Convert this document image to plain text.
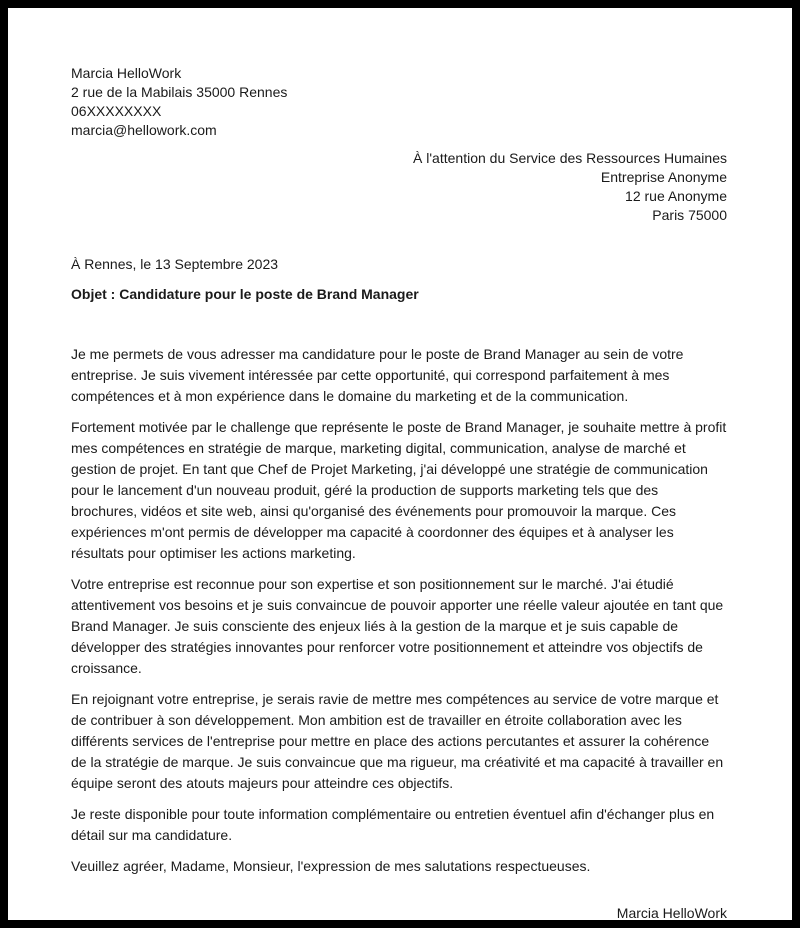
Marcia HelloWork
2 rue de la Mabilais 35000 Rennes
06XXXXXXXX
marcia@hellowork.com
À l'attention du Service des Ressources Humaines
Entreprise Anonyme
12 rue Anonyme
Paris 75000
À Rennes, le 13 Septembre 2023
Objet : Candidature pour le poste de Brand Manager

Je me permets de vous adresser ma candidature pour le poste de Brand Manager au sein de votre entreprise. Je suis vivement intéressée par cette opportunité, qui correspond parfaitement à mes compétences et à mon expérience dans le domaine du marketing et de la communication.

Fortement motivée par le challenge que représente le poste de Brand Manager, je souhaite mettre à profit mes compétences en stratégie de marque, marketing digital, communication, analyse de marché et gestion de projet. En tant que Chef de Projet Marketing, j'ai développé une stratégie de communication pour le lancement d'un nouveau produit, géré la production de supports marketing tels que des brochures, vidéos et site web, ainsi qu'organisé des événements pour promouvoir la marque. Ces expériences m'ont permis de développer ma capacité à coordonner des équipes et à analyser les résultats pour optimiser les actions marketing.

Votre entreprise est reconnue pour son expertise et son positionnement sur le marché. J'ai étudié attentivement vos besoins et je suis convaincue de pouvoir apporter une réelle valeur ajoutée en tant que Brand Manager. Je suis consciente des enjeux liés à la gestion de la marque et je suis capable de développer des stratégies innovantes pour renforcer votre positionnement et atteindre vos objectifs de croissance.

En rejoignant votre entreprise, je serais ravie de mettre mes compétences au service de votre marque et de contribuer à son développement. Mon ambition est de travailler en étroite collaboration avec les différents services de l'entreprise pour mettre en place des actions percutantes et assurer la cohérence de la stratégie de marque. Je suis convaincue que ma rigueur, ma créativité et ma capacité à travailler en équipe seront des atouts majeurs pour atteindre ces objectifs.

Je reste disponible pour toute information complémentaire ou entretien éventuel afin d'échanger plus en détail sur ma candidature.

Veuillez agréer, Madame, Monsieur, l'expression de mes salutations respectueuses.

Marcia HelloWork
